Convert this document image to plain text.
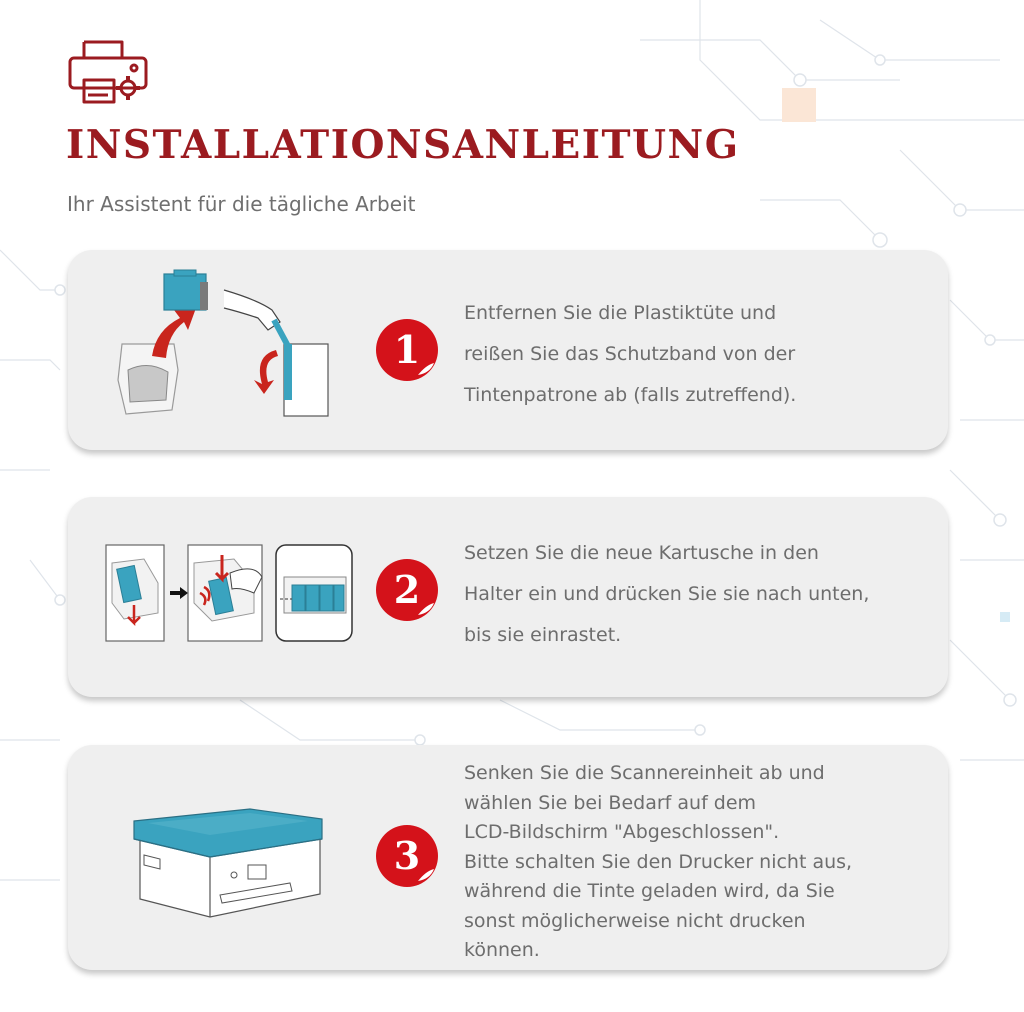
INSTALLATIONSANLEITUNG

Ihr Assistent für die tägliche Arbeit

1

Entfernen Sie die Plastiktüte und
reißen Sie das Schutzband von der
Tintenpatrone ab (falls zutreffend).

2

Setzen Sie die neue Kartusche in den
Halter ein und drücken Sie sie nach unten,
bis sie einrastet.

3

Senken Sie die Scannereinheit ab und
wählen Sie bei Bedarf auf dem
LCD-Bildschirm "Abgeschlossen".
Bitte schalten Sie den Drucker nicht aus,
während die Tinte geladen wird, da Sie
sonst möglicherweise nicht drucken
können.
